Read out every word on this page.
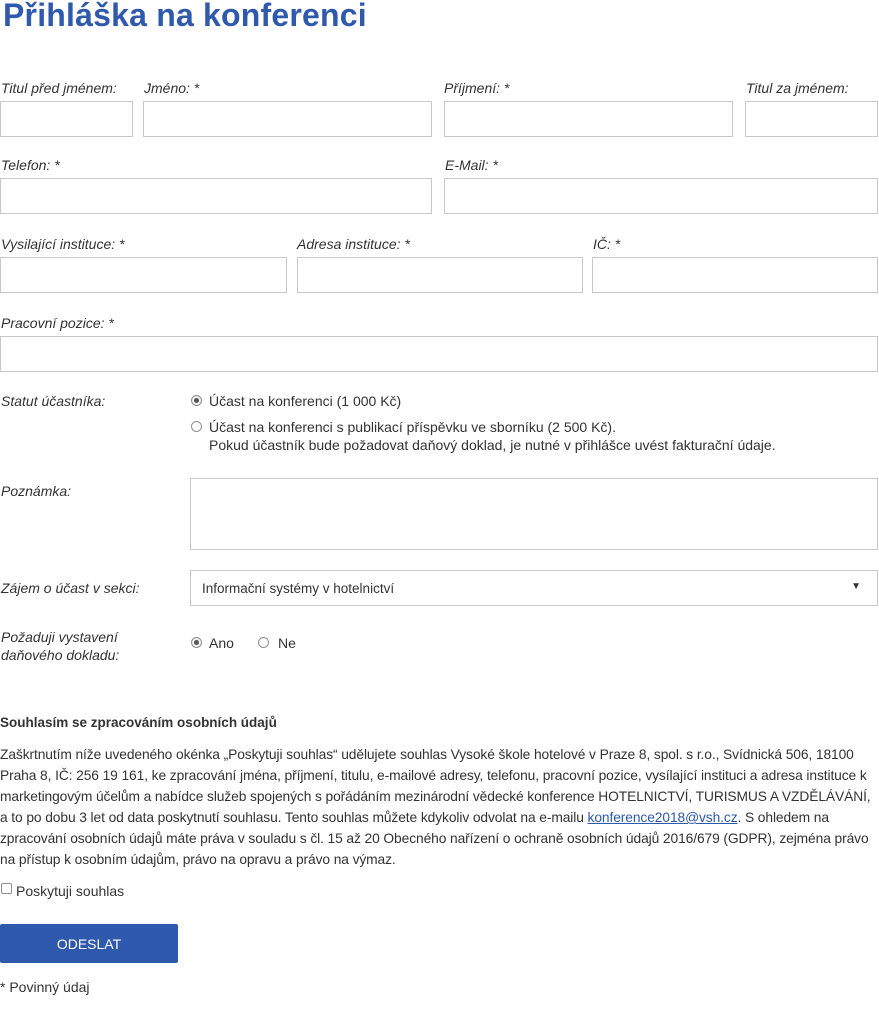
Přihláška na konferenci
Titul před jménem: Jméno: *	Příjmení: *	Titul za jménem:
Telefon: *	E-Mail: *
Vysilající instituce: *	Adresa instituce: *	IČ: *
Pracovní pozice: *
Statut účastníka:	Účast na konferenci (1 000 Kč)
Účast na konferenci s publikací příspěvku ve sborníku (2 500 Kč).
Pokud účastník bude požadovat daňový doklad, je nutné v přihlášce uvést fakturační údaje.
Poznámka:
Zájem o účast v sekci:	Informační systémy v hotelnictví	▼
Požaduji vystavení
daňového dokladu:
Ano	Ne
Souhlasím se zpracováním osobních údajů
Zaškrtnutím níže uvedeného okénka „Poskytuji souhlas“ udělujete souhlas Vysoké škole hotelové v Praze 8, spol. s r.o., Svídnická 506, 18100 Praha 8, IČ: 256 19 161, ke zpracování jména, příjmení, titulu, e-mailové adresy, telefonu, pracovní pozice, vysílající instituci a adresa instituce k marketingovým účelům a nabídce služeb spojených s pořádáním mezinárodní vědecké konference HOTELNICTVÍ, TURISMUS A VZDĚLÁVÁNÍ, a to po dobu 3 let od data poskytnutí souhlasu. Tento souhlas můžete kdykoliv odvolat na e-mailu konference2018@vsh.cz. S ohledem na zpracování osobních údajů máte práva v souladu s čl. 15 až 20 Obecného nařízení o ochraně osobních údajů 2016/679 (GDPR), zejména právo na přístup k osobním údajům, právo na opravu a právo na výmaz.
Poskytuji souhlas
ODESLAT
* Povinný údaj
